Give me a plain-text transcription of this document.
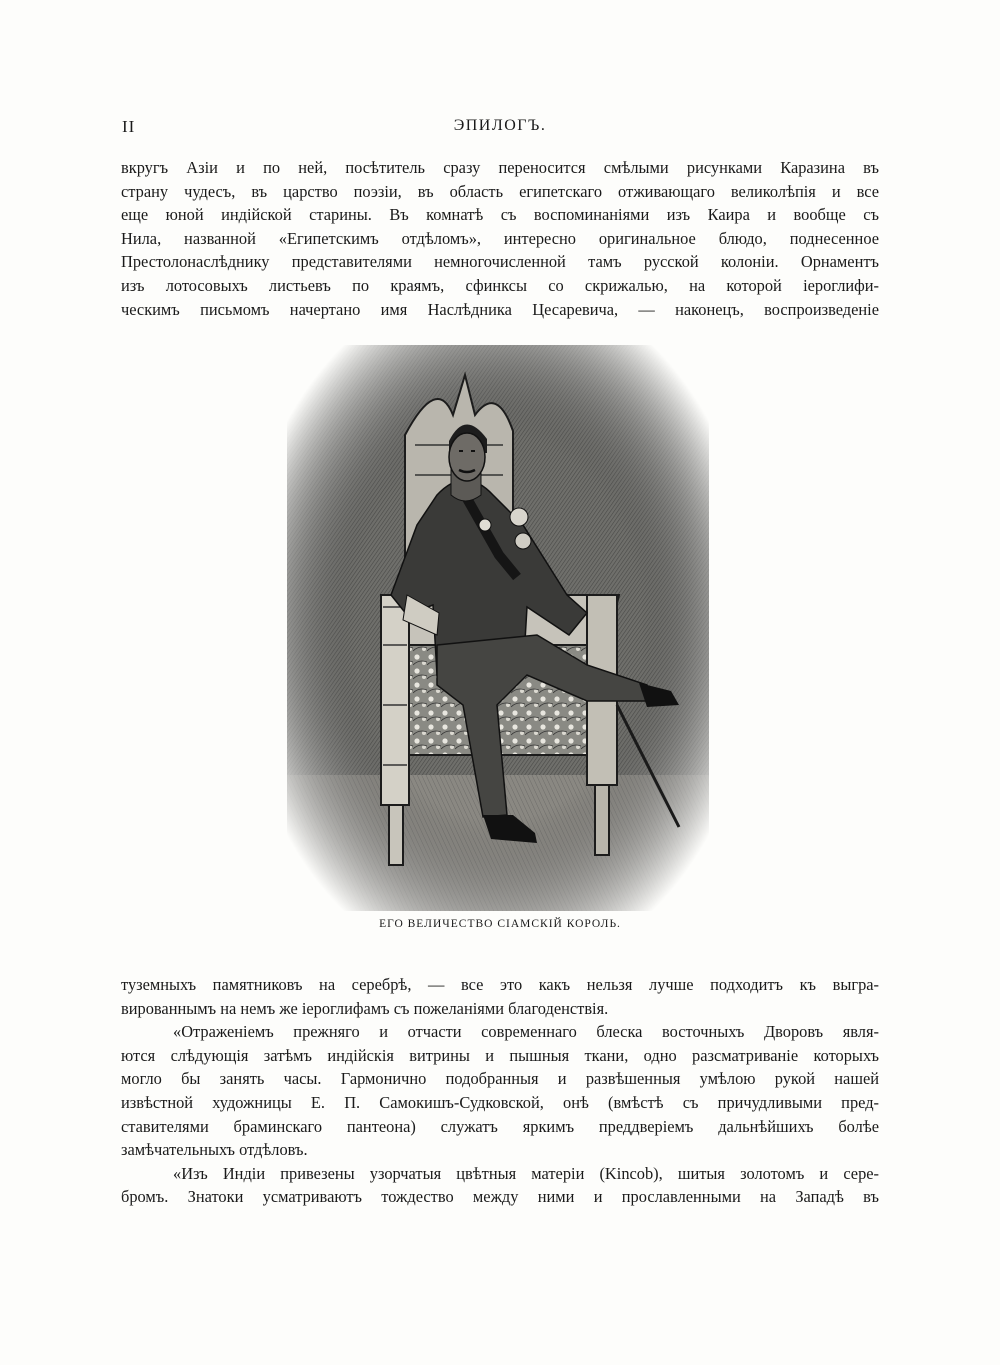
II	ЭПИЛОГЪ.
вкругъ Азіи и по ней, посѣтитель сразу переносится смѣлыми рисунками Каразина въ
страну чудесъ, въ царство поэзіи, въ область египетскаго отживающаго великолѣпія и все
еще юной индійской старины. Въ комнатѣ съ воспоминаніями изъ Каира и вообще съ
Нила, названной «Египетскимъ отдѣломъ», интересно оригинальное блюдо, поднесенное
Престолонаслѣднику представителями немногочисленной тамъ русской колоніи. Орнаментъ
изъ лотосовыхъ листьевъ по краямъ, сфинксы со скрижалью, на которой іероглифи-
ческимъ письмомъ начертано имя Наслѣдника Цесаревича, — наконецъ, воспроизведеніе
ЕГО ВЕЛИЧЕСТВО СІАМСКІЙ КОРОЛЬ.
туземныхъ памятниковъ на серебрѣ, — все это какъ нельзя лучше подходитъ къ выгра-
вированнымъ на немъ же іероглифамъ съ пожеланіями благоденствія.
«Отраженіемъ прежняго и отчасти современнаго блеска восточныхъ Дворовъ явля-
ются слѣдующія затѣмъ индійскія витрины и пышныя ткани, одно разсматриваніе которыхъ
могло бы занять часы. Гармонично подобранныя и развѣшенныя умѣлою рукой нашей
извѣстной художницы Е. П. Самокишъ-Судковской, онѣ (вмѣстѣ съ причудливыми пред-
ставителями браминскаго пантеона) служатъ яркимъ преддверіемъ дальнѣйшихъ болѣе
замѣчательныхъ отдѣловъ.
«Изъ Индіи привезены узорчатыя цвѣтныя матеріи (Kincob), шитыя золотомъ и сере-
бромъ. Знатоки усматриваютъ тождество между ними и прославленными на Западѣ въ
